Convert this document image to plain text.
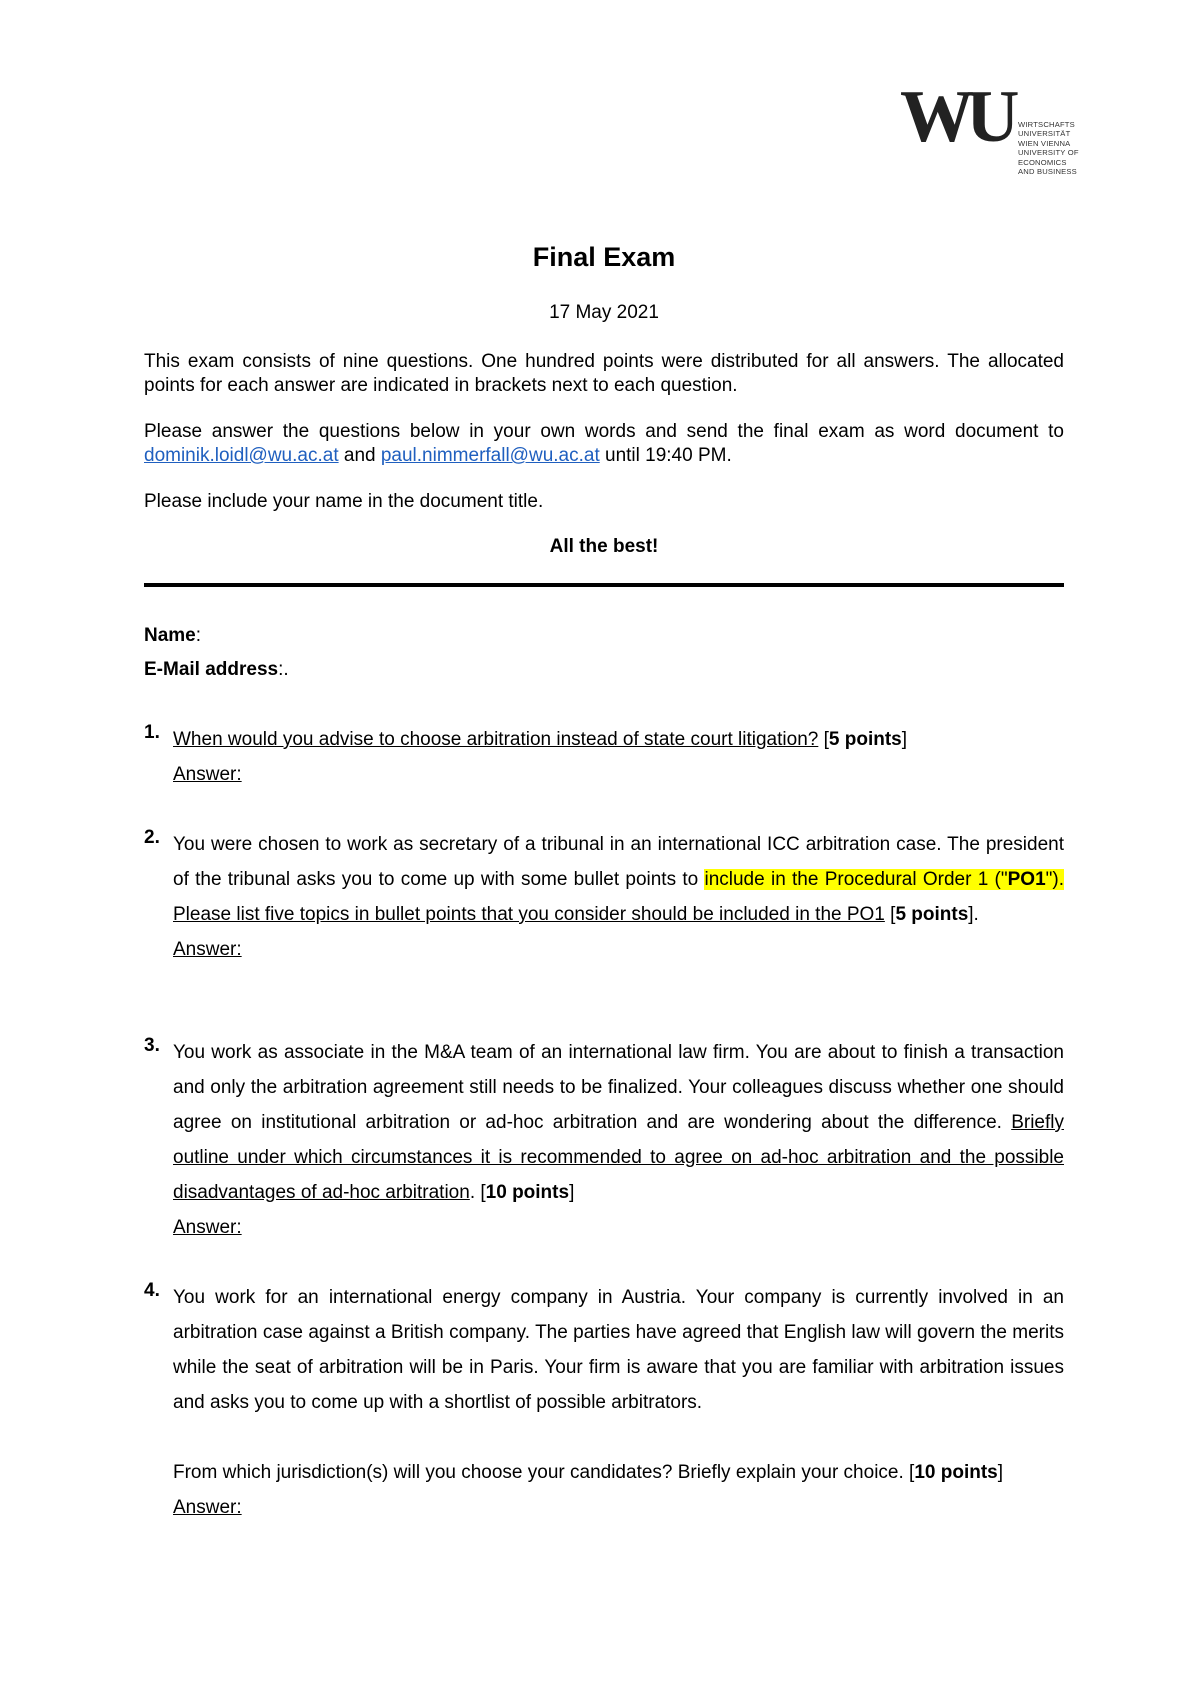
WU WIRTSCHAFTS
UNIVERSITÄT
WIEN VIENNA
UNIVERSITY OF
ECONOMICS
AND BUSINESS
Final Exam
17 May 2021
This exam consists of nine questions. One hundred points were distributed for all answers. The allocated points for each answer are indicated in brackets next to each question.
Please answer the questions below in your own words and send the final exam as word document to dominik.loidl@wu.ac.at and paul.nimmerfall@wu.ac.at until 19:40 PM.
Please include your name in the document title.
All the best!
Name:
E-Mail address:.
1. When would you advise to choose arbitration instead of state court litigation? [5 points]
Answer:
2. You were chosen to work as secretary of a tribunal in an international ICC arbitration case. The president of the tribunal asks you to come up with some bullet points to include in the Procedural Order 1 ("PO1"). Please list five topics in bullet points that you consider should be included in the PO1 [5 points].
Answer:
3. You work as associate in the M&A team of an international law firm. You are about to finish a transaction and only the arbitration agreement still needs to be finalized. Your colleagues discuss whether one should agree on institutional arbitration or ad-hoc arbitration and are wondering about the difference. Briefly outline under which circumstances it is recommended to agree on ad-hoc arbitration and the possible disadvantages of ad-hoc arbitration. [10 points]
Answer:
4. You work for an international energy company in Austria. Your company is currently involved in an arbitration case against a British company. The parties have agreed that English law will govern the merits while the seat of arbitration will be in Paris. Your firm is aware that you are familiar with arbitration issues and asks you to come up with a shortlist of possible arbitrators.
From which jurisdiction(s) will you choose your candidates? Briefly explain your choice. [10 points]
Answer:
